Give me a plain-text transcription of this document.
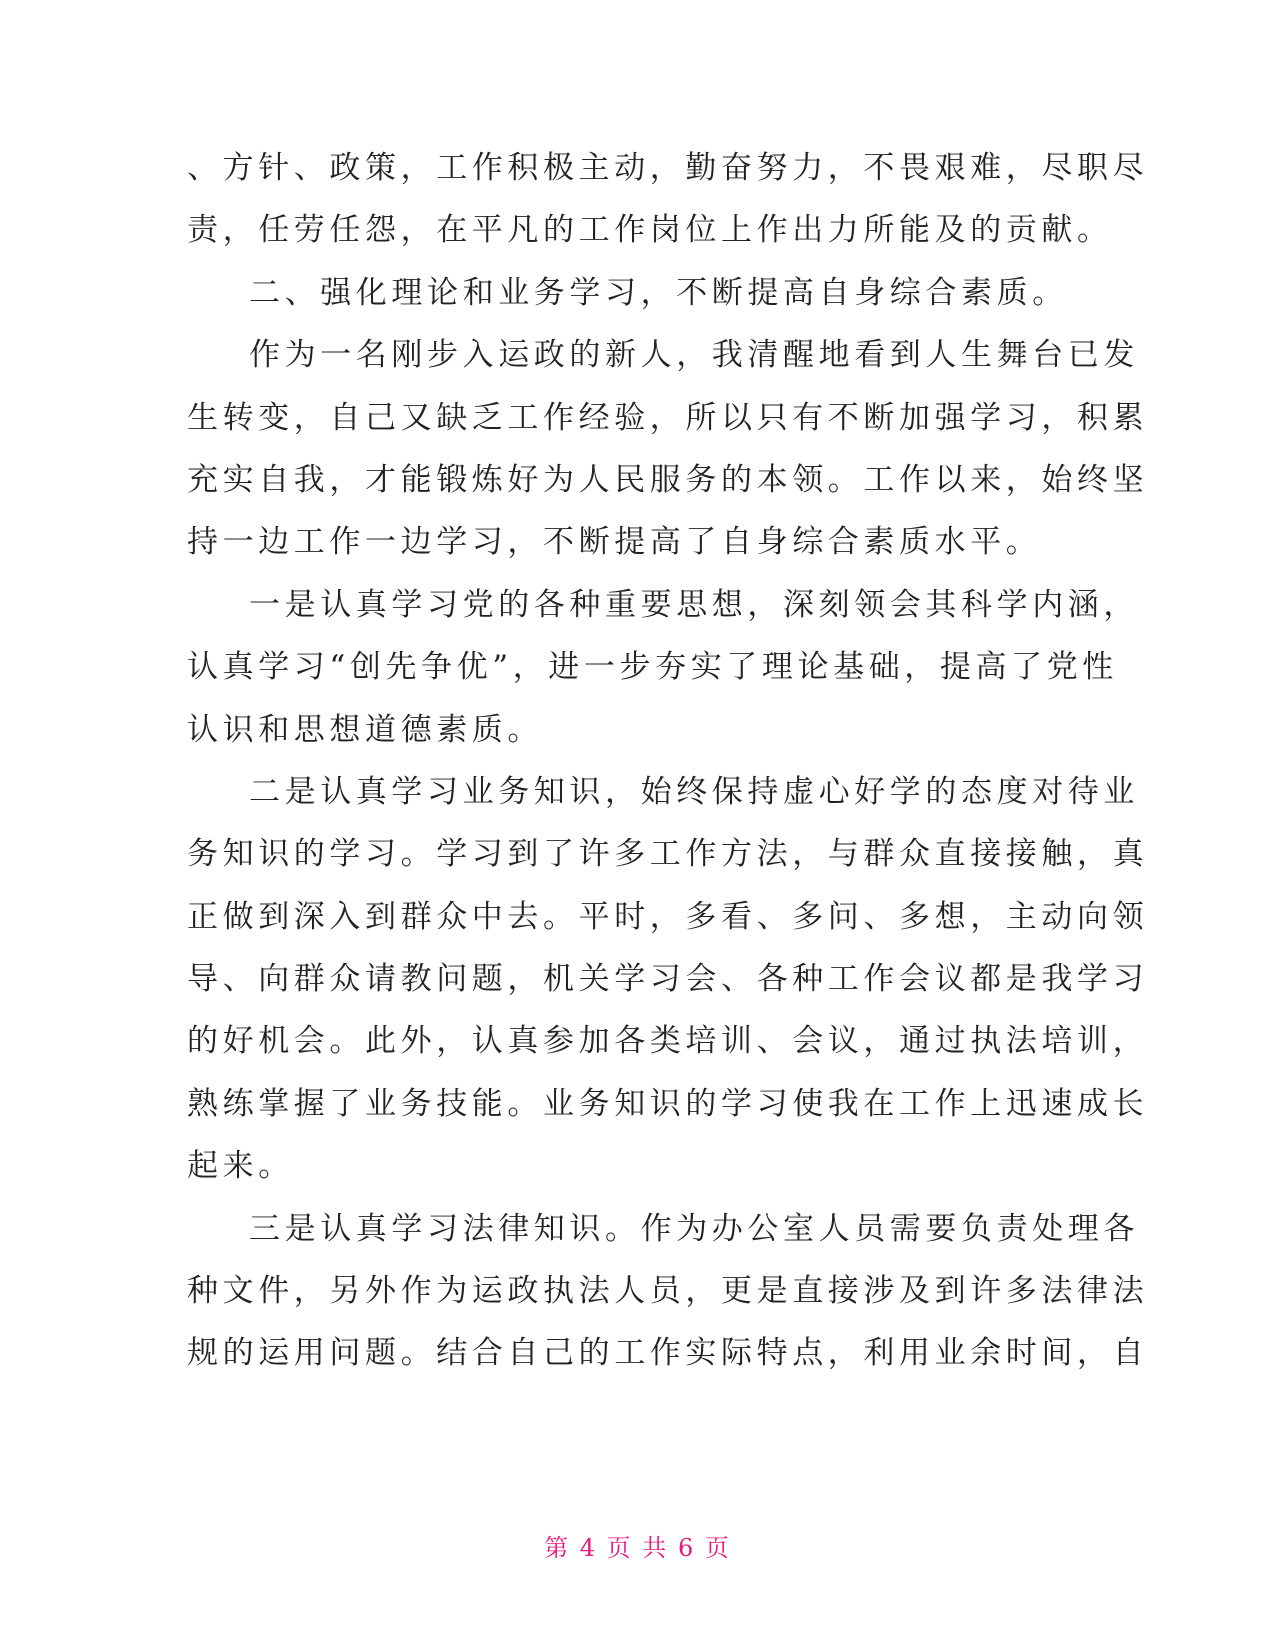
、方针、政策，工作积极主动，勤奋努力，不畏艰难，尽职尽
责，任劳任怨，在平凡的工作岗位上作出力所能及的贡献。
二、强化理论和业务学习，不断提高自身综合素质。
作为一名刚步入运政的新人，我清醒地看到人生舞台已发
生转变，自己又缺乏工作经验，所以只有不断加强学习，积累
充实自我，才能锻炼好为人民服务的本领。工作以来，始终坚
持一边工作一边学习，不断提高了自身综合素质水平。
一是认真学习党的各种重要思想，深刻领会其科学内涵，
认真学习“创先争优”，进一步夯实了理论基础，提高了党性
认识和思想道德素质。
二是认真学习业务知识，始终保持虚心好学的态度对待业
务知识的学习。学习到了许多工作方法，与群众直接接触，真
正做到深入到群众中去。平时，多看、多问、多想，主动向领
导、向群众请教问题，机关学习会、各种工作会议都是我学习
的好机会。此外，认真参加各类培训、会议，通过执法培训，
熟练掌握了业务技能。业务知识的学习使我在工作上迅速成长
起来。
三是认真学习法律知识。作为办公室人员需要负责处理各
种文件，另外作为运政执法人员，更是直接涉及到许多法律法
规的运用问题。结合自己的工作实际特点，利用业余时间，自
第 4 页 共 6 页
